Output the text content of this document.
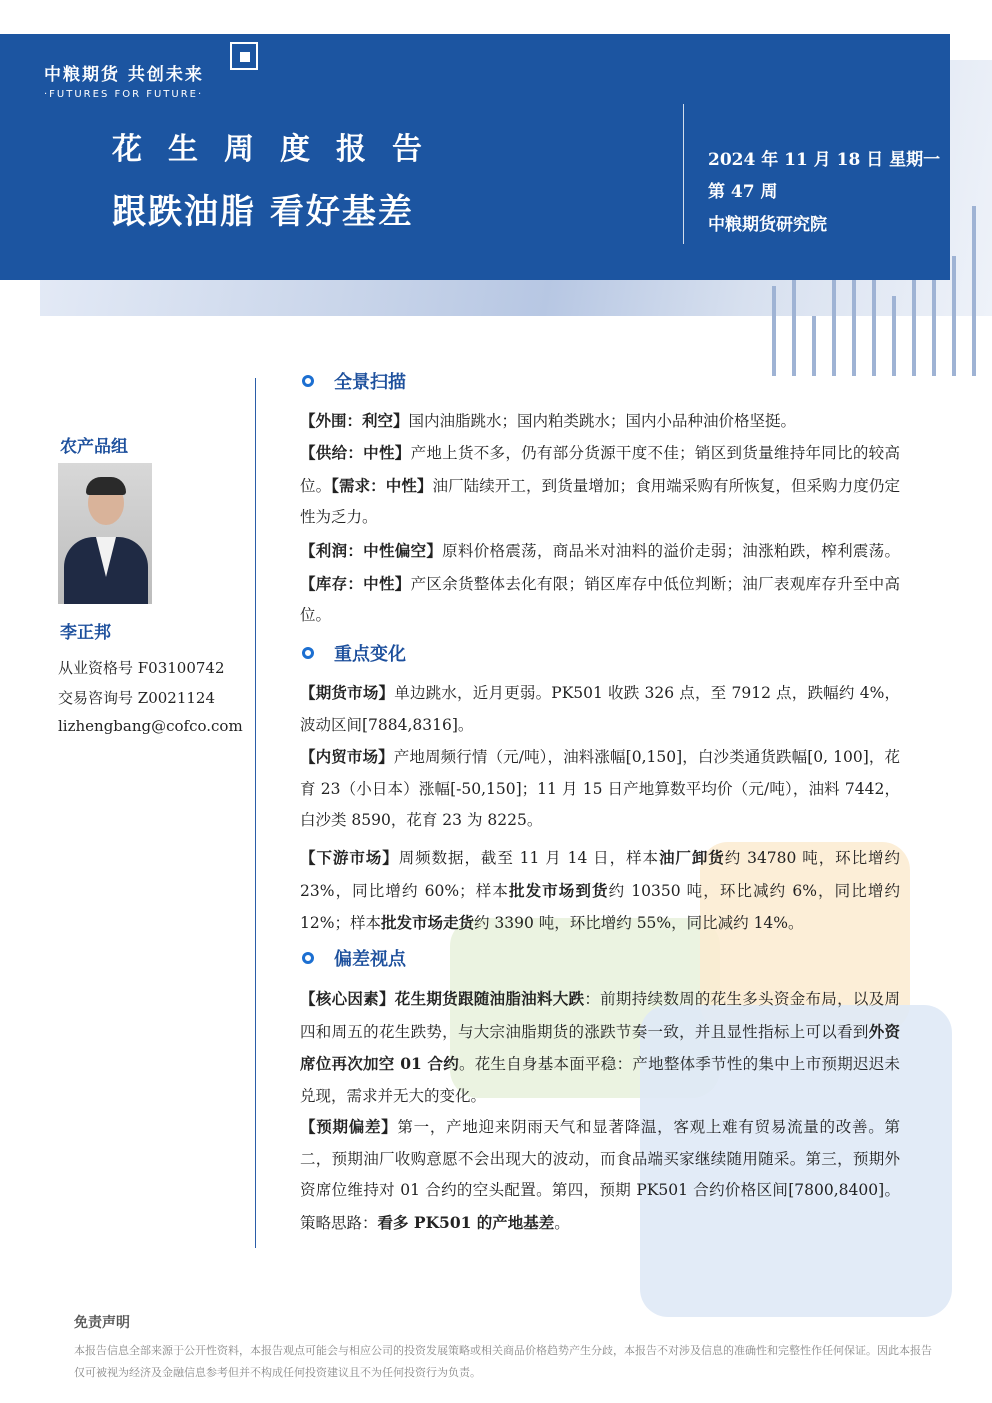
中粮期货 共创未来
·FUTURES FOR FUTURE·
花生周度报告
跟跌油脂 看好基差
2024 年 11 月 18 日 星期一
第 47 周
中粮期货研究院
农产品组
李正邦
从业资格号 F03100742
交易咨询号 Z0021124
lizhengbang@cofco.com
全景扫描
【外围：利空】国内油脂跳水；国内粕类跳水；国内小品种油价格坚挺。
【供给：中性】产地上货不多，仍有部分货源干度不佳；销区到货量维持年同比的较高位。【需求：中性】油厂陆续开工，到货量增加；食用端采购有所恢复，但采购力度仍定性为乏力。
【利润：中性偏空】原料价格震荡，商品米对油料的溢价走弱；油涨粕跌，榨利震荡。【库存：中性】产区余货整体去化有限；销区库存中低位判断；油厂表观库存升至中高位。
重点变化
【期货市场】单边跳水，近月更弱。PK501 收跌 326 点，至 7912 点，跌幅约 4%，波动区间[7884,8316]。
【内贸市场】产地周频行情（元/吨），油料涨幅[0,150]，白沙类通货跌幅[0, 100]，花育 23（小日本）涨幅[-50,150]；11 月 15 日产地算数平均价（元/吨），油料 7442，白沙类 8590，花育 23 为 8225。
【下游市场】周频数据，截至 11 月 14 日，样本油厂卸货约 34780 吨，环比增约 23%，同比增约 60%；样本批发市场到货约 10350 吨，环比减约 6%，同比增约 12%；样本批发市场走货约 3390 吨，环比增约 55%，同比减约 14%。
偏差视点
【核心因素】花生期货跟随油脂油料大跌：前期持续数周的花生多头资金布局，以及周四和周五的花生跌势，与大宗油脂期货的涨跌节奏一致，并且显性指标上可以看到外资席位再次加空 01 合约。花生自身基本面平稳：产地整体季节性的集中上市预期迟迟未兑现，需求并无大的变化。
【预期偏差】第一，产地迎来阴雨天气和显著降温，客观上难有贸易流量的改善。第二，预期油厂收购意愿不会出现大的波动，而食品端买家继续随用随采。第三，预期外资席位维持对 01 合约的空头配置。第四，预期 PK501 合约价格区间[7800,8400]。策略思路：看多 PK501 的产地基差。
免责声明
本报告信息全部来源于公开性资料，本报告观点可能会与相应公司的投资发展策略或相关商品价格趋势产生分歧，本报告不对涉及信息的准确性和完整性作任何保证。因此本报告仅可被视为经济及金融信息参考但并不构成任何投资建议且不为任何投资行为负责。
